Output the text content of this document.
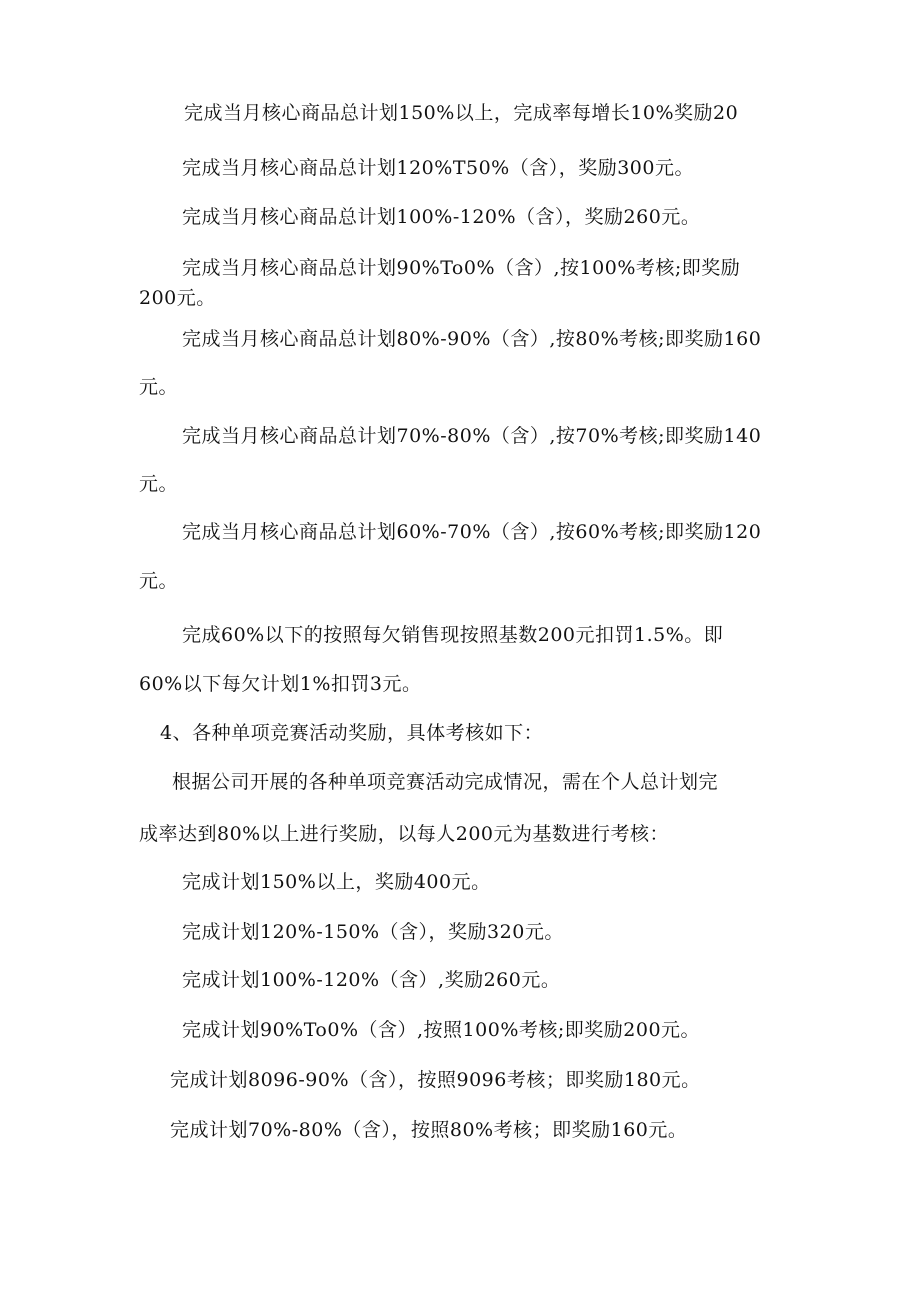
完成当月核心商品总计划150%以上，完成率每增长10%奖励20
完成当月核心商品总计划120%T50%（含），奖励300元。
完成当月核心商品总计划100%-120%（含），奖励260元。
完成当月核心商品总计划90%To0%（含）,按100%考核;即奖励
200元。
完成当月核心商品总计划80%-90%（含）,按80%考核;即奖励160
元。
完成当月核心商品总计划70%-80%（含）,按70%考核;即奖励140
元。
完成当月核心商品总计划60%-70%（含）,按60%考核;即奖励120
元。
完成60%以下的按照每欠销售现按照基数200元扣罚1.5%。即
60%以下每欠计划1%扣罚3元。
4、各种单项竞赛活动奖励，具体考核如下：
根据公司开展的各种单项竞赛活动完成情况，需在个人总计划完
成率达到80%以上进行奖励，以每人200元为基数进行考核：
完成计划150%以上，奖励400元。
完成计划120%-150%（含），奖励320元。
完成计划100%-120%（含）,奖励260元。
完成计划90%To0%（含）,按照100%考核;即奖励200元。
完成计划8096-90%（含），按照9096考核；即奖励180元。
完成计划70%-80%（含），按照80%考核；即奖励160元。
